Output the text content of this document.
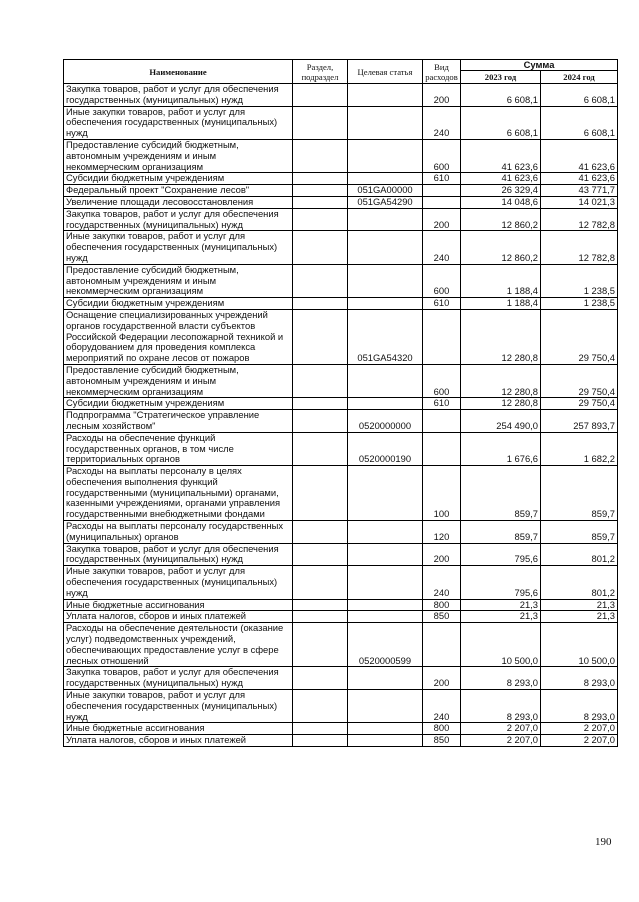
Наименование	Раздел, подраздел	Целевая статья	Вид расходов	Сумма	
				2023 год	2024 год
Закупка товаров, работ и услуг для обеспечения государственных (муниципальных) нужд			200	6 608,1	6 608,1
Иные закупки товаров, работ и услуг для обеспечения государственных (муниципальных) нужд			240	6 608,1	6 608,1
Предоставление субсидий бюджетным, автономным учреждениям и иным некоммерческим организациям			600	41 623,6	41 623,6
Субсидии бюджетным учреждениям			610	41 623,6	41 623,6
Федеральный проект "Сохранение лесов"		051GA00000		26 329,4	43 771,7
Увеличение площади лесовосстановления		051GA54290		14 048,6	14 021,3
Закупка товаров, работ и услуг для обеспечения государственных (муниципальных) нужд			200	12 860,2	12 782,8
Иные закупки товаров, работ и услуг для обеспечения государственных (муниципальных) нужд			240	12 860,2	12 782,8
Предоставление субсидий бюджетным, автономным учреждениям и иным некоммерческим организациям			600	1 188,4	1 238,5
Субсидии бюджетным учреждениям			610	1 188,4	1 238,5
Оснащение специализированных учреждений органов государственной власти субъектов Российской Федерации лесопожарной техникой и оборудованием для проведения комплекса мероприятий по охране лесов от пожаров		051GA54320		12 280,8	29 750,4
Предоставление субсидий бюджетным, автономным учреждениям и иным некоммерческим организациям			600	12 280,8	29 750,4
Субсидии бюджетным учреждениям			610	12 280,8	29 750,4
Подпрограмма "Стратегическое управление лесным хозяйством"		0520000000		254 490,0	257 893,7
Расходы на обеспечение функций государственных органов, в том числе территориальных органов		0520000190		1 676,6	1 682,2
Расходы на выплаты персоналу в целях обеспечения выполнения функций государственными (муниципальными) органами, казенными учреждениями, органами управления государственными внебюджетными фондами			100	859,7	859,7
Расходы на выплаты персоналу государственных (муниципальных) органов			120	859,7	859,7
Закупка товаров, работ и услуг для обеспечения государственных (муниципальных) нужд			200	795,6	801,2
Иные закупки товаров, работ и услуг для обеспечения государственных (муниципальных) нужд			240	795,6	801,2
Иные бюджетные ассигнования			800	21,3	21,3
Уплата налогов, сборов и иных платежей			850	21,3	21,3
Расходы на обеспечение деятельности (оказание услуг) подведомственных учреждений, обеспечивающих предоставление услуг в сфере лесных отношений		0520000599		10 500,0	10 500,0
Закупка товаров, работ и услуг для обеспечения государственных (муниципальных) нужд			200	8 293,0	8 293,0
Иные закупки товаров, работ и услуг для обеспечения государственных (муниципальных) нужд			240	8 293,0	8 293,0
Иные бюджетные ассигнования			800	2 207,0	2 207,0
Уплата налогов, сборов и иных платежей			850	2 207,0	2 207,0
190
